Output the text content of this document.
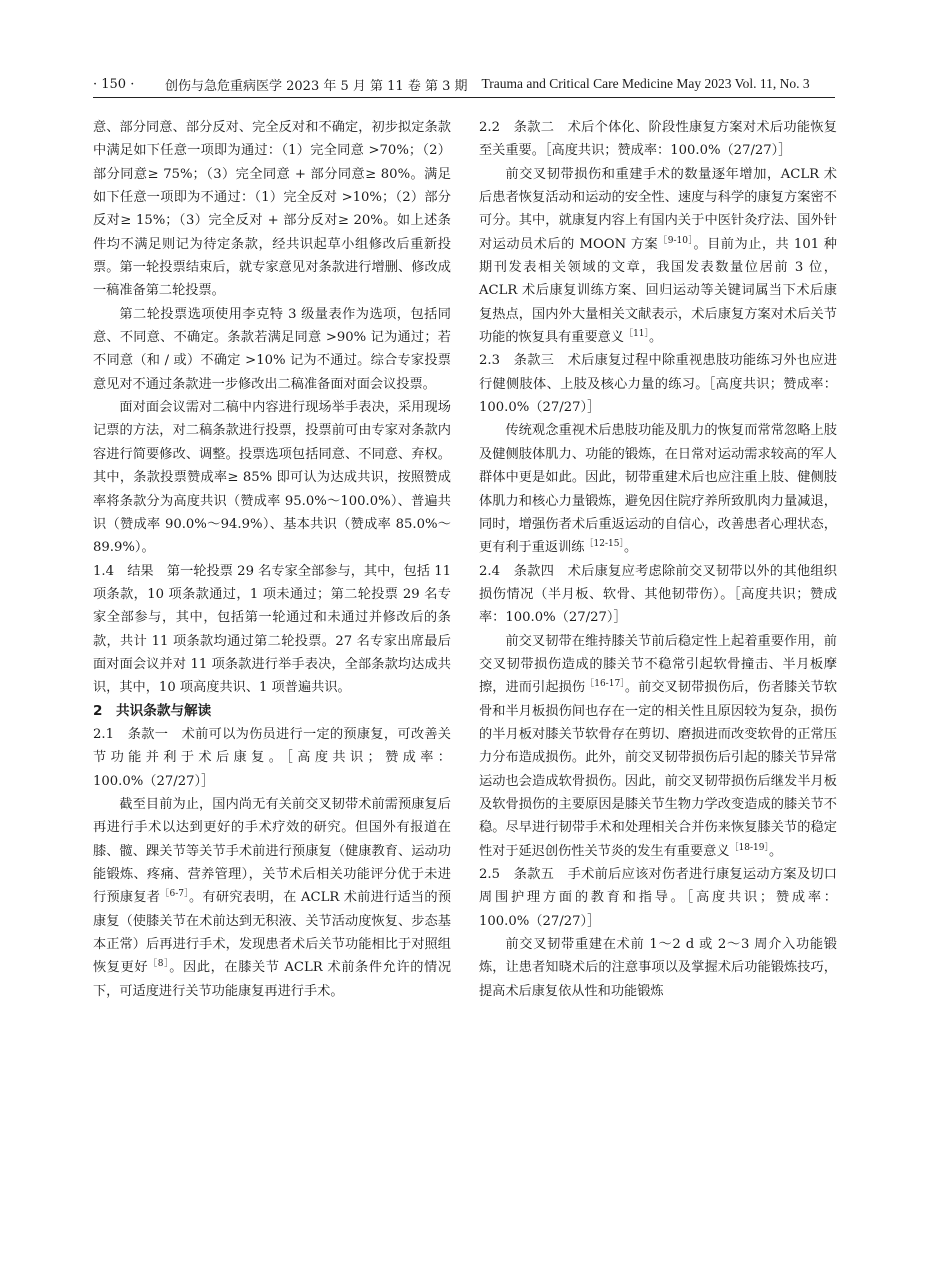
· 150 ·	创伤与急危重病医学 2023 年 5 月 第 11 卷 第 3 期 Trauma and Critical Care Medicine May 2023 Vol. 11, No. 3

意、部分同意、部分反对、完全反对和不确定，初步拟定条款中满足如下任意一项即为通过：（1）完全同意 >70%；（2）部分同意≥ 75%；（3）完全同意 + 部分同意≥ 80%。满足如下任意一项即为不通过：（1）完全反对 >10%；（2）部分反对≥ 15%；（3）完全反对 + 部分反对≥ 20%。如上述条件均不满足则记为待定条款，经共识起草小组修改后重新投票。第一轮投票结束后，就专家意见对条款进行增删、修改成一稿准备第二轮投票。

第二轮投票选项使用李克特 3 级量表作为选项，包括同意、不同意、不确定。条款若满足同意 >90% 记为通过；若不同意（和 / 或）不确定 >10% 记为不通过。综合专家投票意见对不通过条款进一步修改出二稿准备面对面会议投票。

面对面会议需对二稿中内容进行现场举手表决，采用现场记票的方法，对二稿条款进行投票，投票前可由专家对条款内容进行简要修改、调整。投票选项包括同意、不同意、弃权。其中，条款投票赞成率≥ 85% 即可认为达成共识，按照赞成率将条款分为高度共识（赞成率 95.0%～100.0%）、普遍共识（赞成率 90.0%～94.9%）、基本共识（赞成率 85.0%～89.9%）。

1.4　结果　第一轮投票 29 名专家全部参与，其中，包括 11 项条款，10 项条款通过，1 项未通过；第二轮投票 29 名专家全部参与，其中，包括第一轮通过和未通过并修改后的条款，共计 11 项条款均通过第二轮投票。27 名专家出席最后面对面会议并对 11 项条款进行举手表决，全部条款均达成共识，其中，10 项高度共识、1 项普遍共识。

2　共识条款与解读

2.1　条款一　术前可以为伤员进行一定的预康复，可改善关节功能并利于术后康复。［高度共识；赞成率：100.0%（27/27）］

截至目前为止，国内尚无有关前交叉韧带术前需预康复后再进行手术以达到更好的手术疗效的研究。但国外有报道在膝、髋、踝关节等关节手术前进行预康复（健康教育、运动功能锻炼、疼痛、营养管理），关节术后相关功能评分优于未进行预康复者$^{[6-7]}$。有研究表明，在 ACLR 术前进行适当的预康复（使膝关节在术前达到无积液、关节活动度恢复、步态基本正常）后再进行手术，发现患者术后关节功能相比于对照组恢复更好$^{[8]}$。因此，在膝关节 ACLR 术前条件允许的情况下，可适度进行关节功能康复再进行手术。

2.2　条款二　术后个体化、阶段性康复方案对术后功能恢复至关重要。［高度共识；赞成率：100.0%（27/27）］

前交叉韧带损伤和重建手术的数量逐年增加，ACLR 术后患者恢复活动和运动的安全性、速度与科学的康复方案密不可分。其中，就康复内容上有国内关于中医针灸疗法、国外针对运动员术后的 MOON 方案$^{[9-10]}$。目前为止，共 101 种期刊发表相关领域的文章，我国发表数量位居前 3 位，ACLR 术后康复训练方案、回归运动等关键词属当下术后康复热点，国内外大量相关文献表示，术后康复方案对术后关节功能的恢复具有重要意义$^{[11]}$。

2.3　条款三　术后康复过程中除重视患肢功能练习外也应进行健侧肢体、上肢及核心力量的练习。［高度共识；赞成率：100.0%（27/27）］

传统观念重视术后患肢功能及肌力的恢复而常常忽略上肢及健侧肢体肌力、功能的锻炼，在日常对运动需求较高的军人群体中更是如此。因此，韧带重建术后也应注重上肢、健侧肢体肌力和核心力量锻炼，避免因住院疗养所致肌肉力量减退，同时，增强伤者术后重返运动的自信心，改善患者心理状态，更有利于重返训练$^{[12-15]}$。

2.4　条款四　术后康复应考虑除前交叉韧带以外的其他组织损伤情况（半月板、软骨、其他韧带伤）。［高度共识；赞成率：100.0%（27/27）］

前交叉韧带在维持膝关节前后稳定性上起着重要作用，前交叉韧带损伤造成的膝关节不稳常引起软骨撞击、半月板摩擦，进而引起损伤$^{[16-17]}$。前交叉韧带损伤后，伤者膝关节软骨和半月板损伤间也存在一定的相关性且原因较为复杂，损伤的半月板对膝关节软骨存在剪切、磨损进而改变软骨的正常压力分布造成损伤。此外，前交叉韧带损伤后引起的膝关节异常运动也会造成软骨损伤。因此，前交叉韧带损伤后继发半月板及软骨损伤的主要原因是膝关节生物力学改变造成的膝关节不稳。尽早进行韧带手术和处理相关合并伤来恢复膝关节的稳定性对于延迟创伤性关节炎的发生有重要意义$^{[18-19]}$。

2.5　条款五　手术前后应该对伤者进行康复运动方案及切口周围护理方面的教育和指导。［高度共识；赞成率：100.0%（27/27）］

前交叉韧带重建在术前 1～2 d 或 2～3 周介入功能锻炼，让患者知晓术后的注意事项以及掌握术后功能锻炼技巧，提高术后康复依从性和功能锻炼
